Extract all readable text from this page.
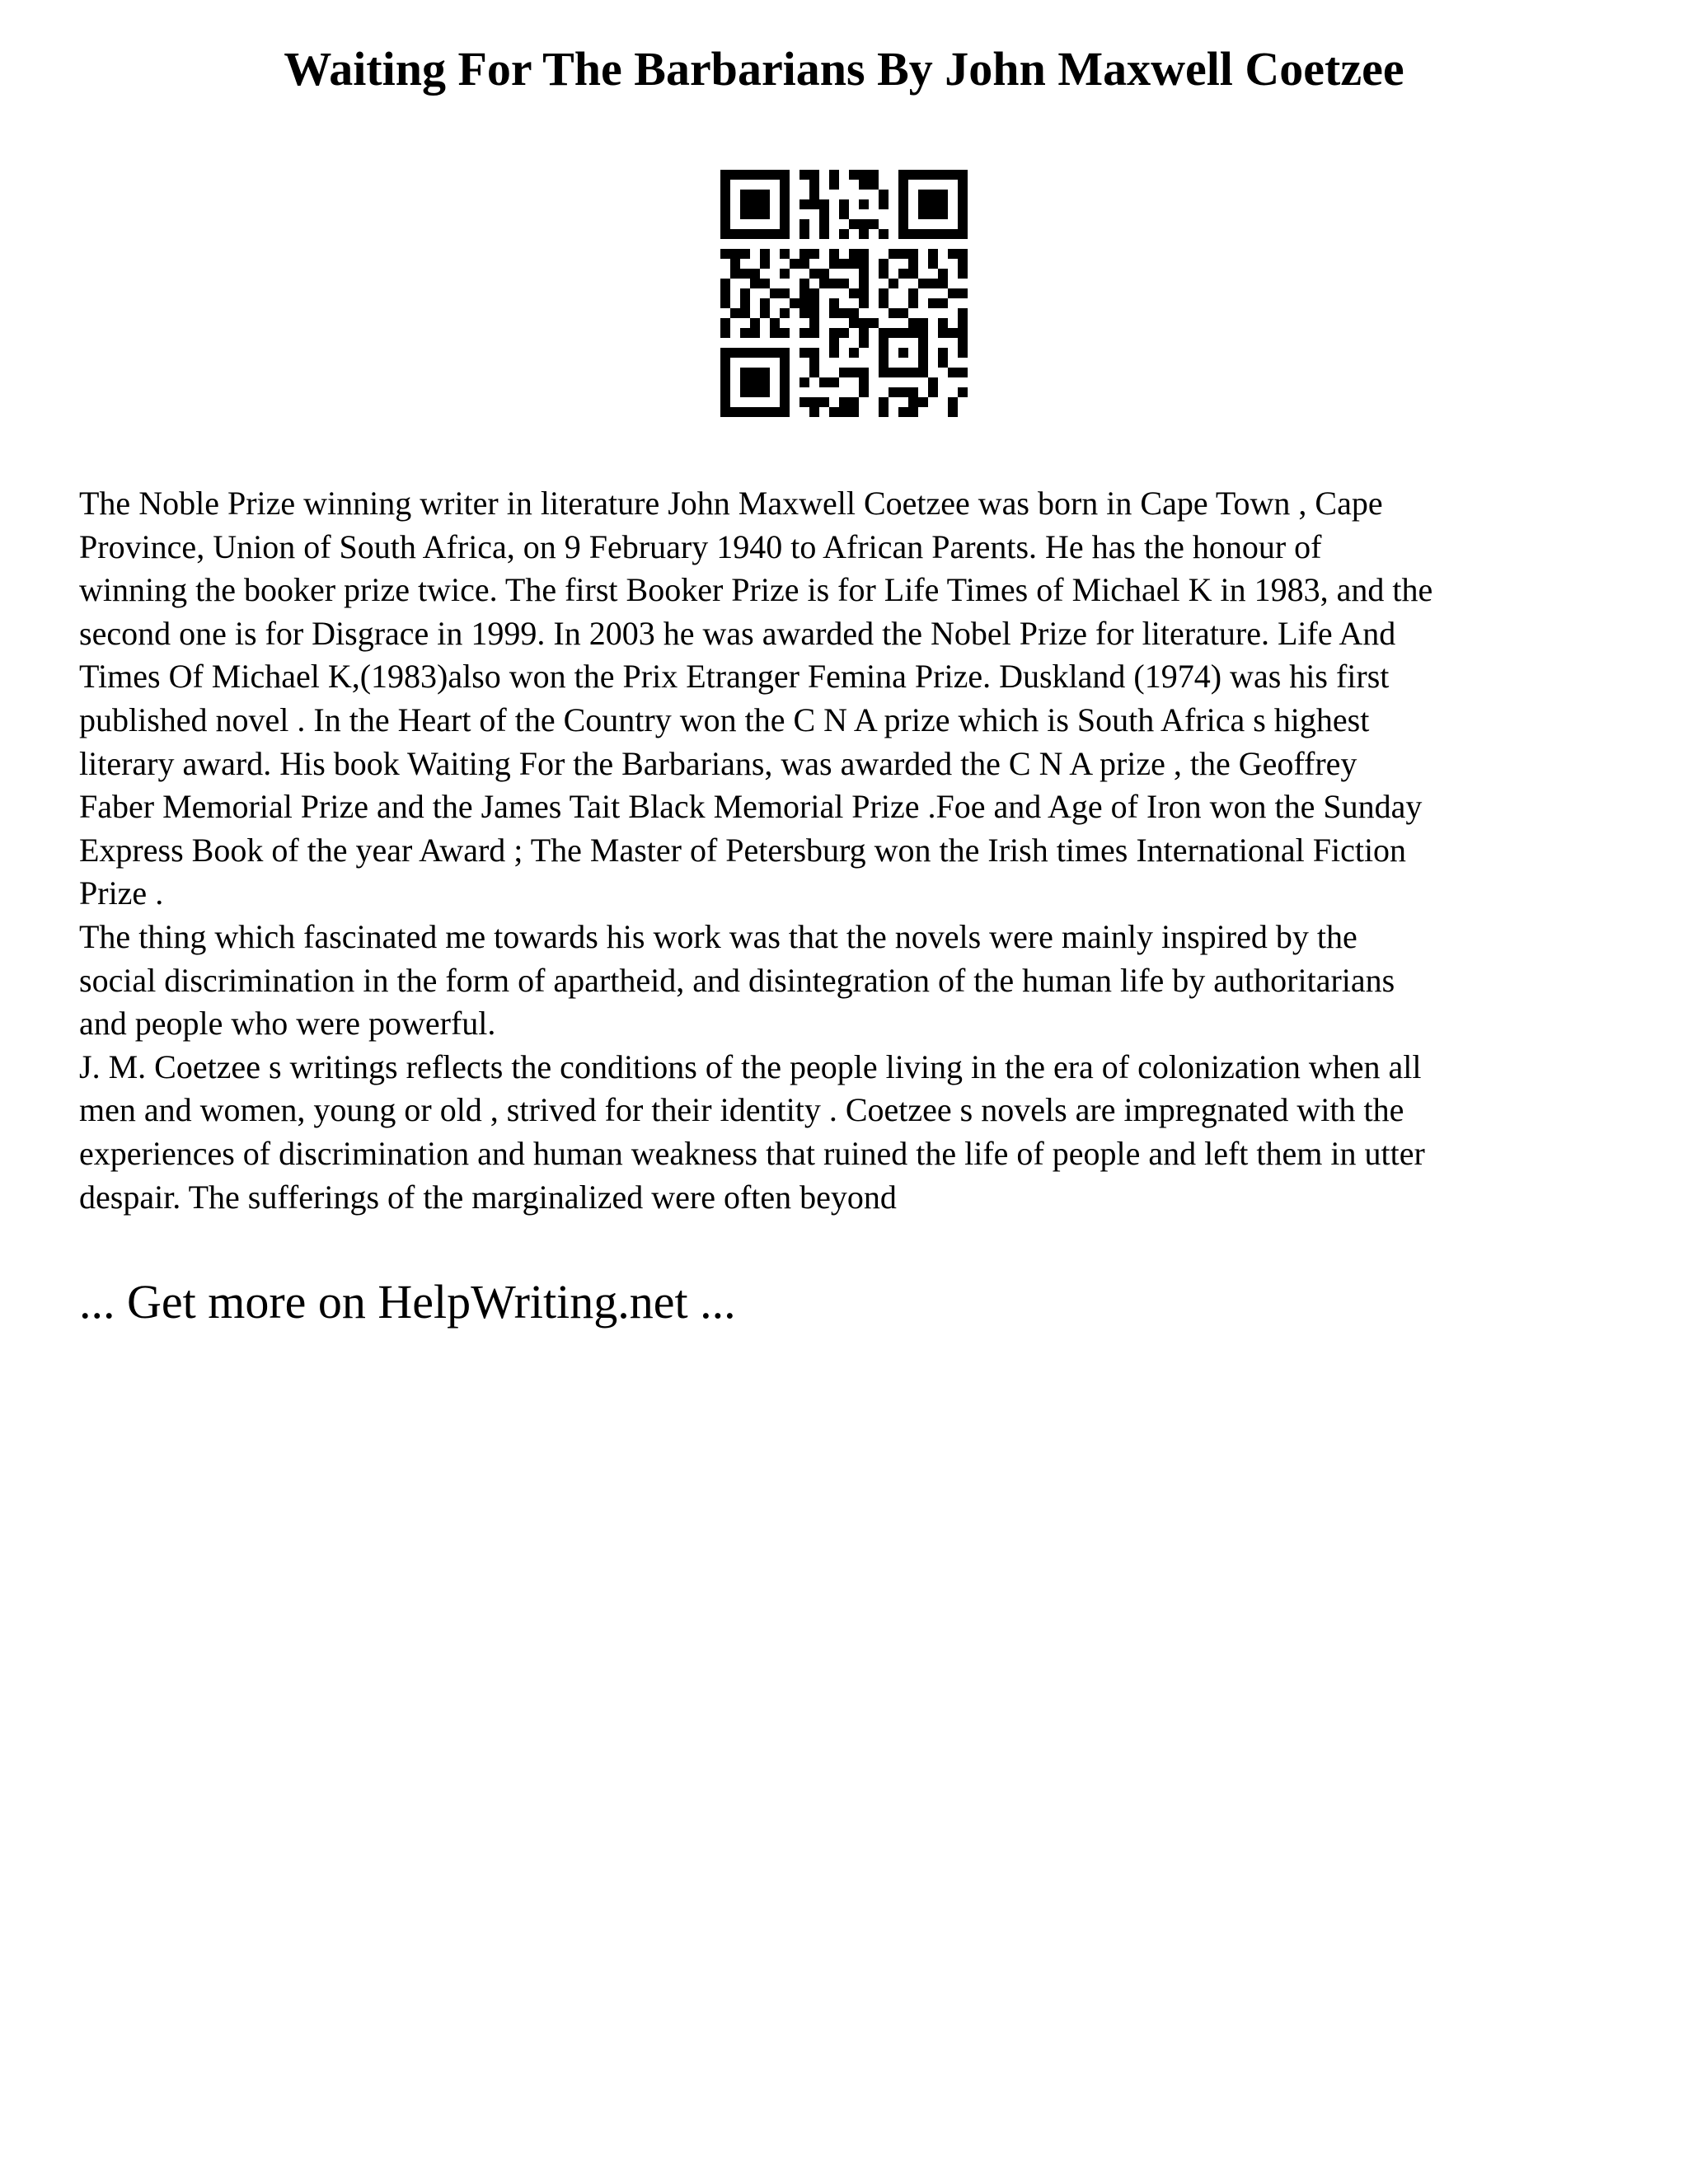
Waiting For The Barbarians By John Maxwell Coetzee

The Noble Prize winning writer in literature John Maxwell Coetzee was born in Cape Town , Cape

Province, Union of South Africa, on 9 February 1940 to African Parents. He has the honour of

winning the booker prize twice. The first Booker Prize is for Life Times of Michael K in 1983, and the

second one is for Disgrace in 1999. In 2003 he was awarded the Nobel Prize for literature. Life And

Times Of Michael K,(1983)also won the Prix Etranger Femina Prize. Duskland (1974) was his first

published novel . In the Heart of the Country won the C N A prize which is South Africa s highest

literary award. His book Waiting For the Barbarians, was awarded the C N A prize , the Geoffrey

Faber Memorial Prize and the James Tait Black Memorial Prize .Foe and Age of Iron won the Sunday

Express Book of the year Award ; The Master of Petersburg won the Irish times International Fiction

Prize .

The thing which fascinated me towards his work was that the novels were mainly inspired by the

social discrimination in the form of apartheid, and disintegration of the human life by authoritarians

and people who were powerful.

J. M. Coetzee s writings reflects the conditions of the people living in the era of colonization when all

men and women, young or old , strived for their identity . Coetzee s novels are impregnated with the

experiences of discrimination and human weakness that ruined the life of people and left them in utter

despair. The sufferings of the marginalized were often beyond

... Get more on HelpWriting.net ...
